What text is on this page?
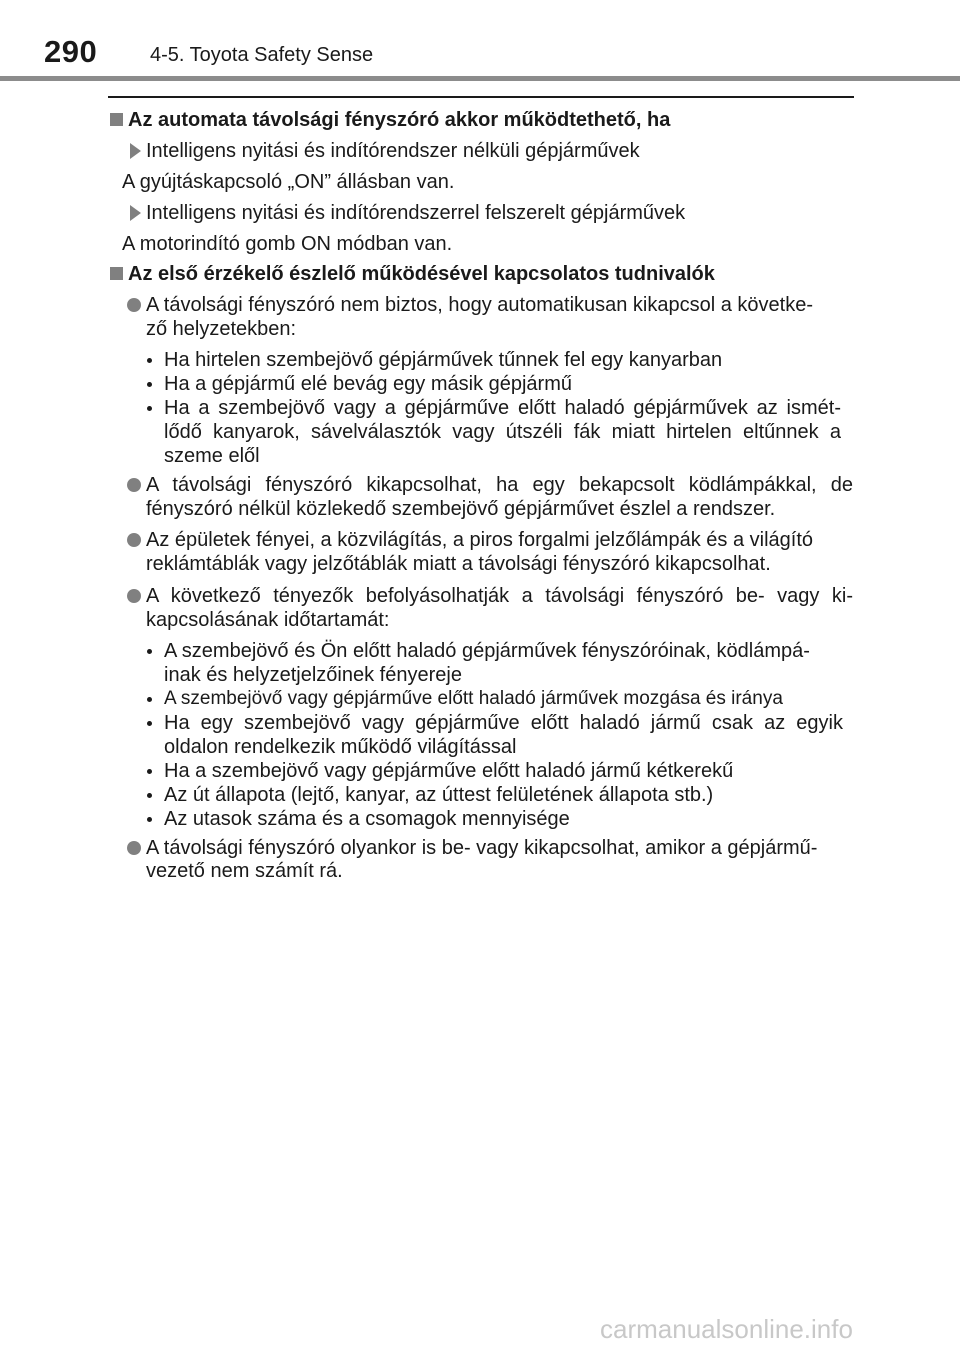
290	4-5. Toyota Safety Sense
Az automata távolsági fényszóró akkor működtethető, ha
Intelligens nyitási és indítórendszer nélküli gépjárművek
A gyújtáskapcsoló „ON” állásban van.
Intelligens nyitási és indítórendszerrel felszerelt gépjárművek
A motorindító gomb ON módban van.
Az első érzékelő észlelő működésével kapcsolatos tudnivalók
A távolsági fényszóró nem biztos, hogy automatikusan kikapcsol a követke-
ző helyzetekben:
Ha hirtelen szembejövő gépjárművek tűnnek fel egy kanyarban
Ha a gépjármű elé bevág egy másik gépjármű
Ha a szembejövő vagy a gépjárműve előtt haladó gépjárművek az ismét-
lődő kanyarok, sávelválasztók vagy útszéli fák miatt hirtelen eltűnnek a
szeme elől
A távolsági fényszóró kikapcsolhat, ha egy bekapcsolt ködlámpákkal, de
fényszóró nélkül közlekedő szembejövő gépjárművet észlel a rendszer.
Az épületek fényei, a közvilágítás, a piros forgalmi jelzőlámpák és a világító
reklámtáblák vagy jelzőtáblák miatt a távolsági fényszóró kikapcsolhat.
A következő tényezők befolyásolhatják a távolsági fényszóró be- vagy ki-
kapcsolásának időtartamát:
A szembejövő és Ön előtt haladó gépjárművek fényszóróinak, ködlámpá-
inak és helyzetjelzőinek fényereje
A szembejövő vagy gépjárműve előtt haladó járművek mozgása és iránya
Ha egy szembejövő vagy gépjárműve előtt haladó jármű csak az egyik
oldalon rendelkezik működő világítással
Ha a szembejövő vagy gépjárműve előtt haladó jármű kétkerekű
Az út állapota (lejtő, kanyar, az úttest felületének állapota stb.)
Az utasok száma és a csomagok mennyisége
A távolsági fényszóró olyankor is be- vagy kikapcsolhat, amikor a gépjármű-
vezető nem számít rá.
carmanualsonline.info
